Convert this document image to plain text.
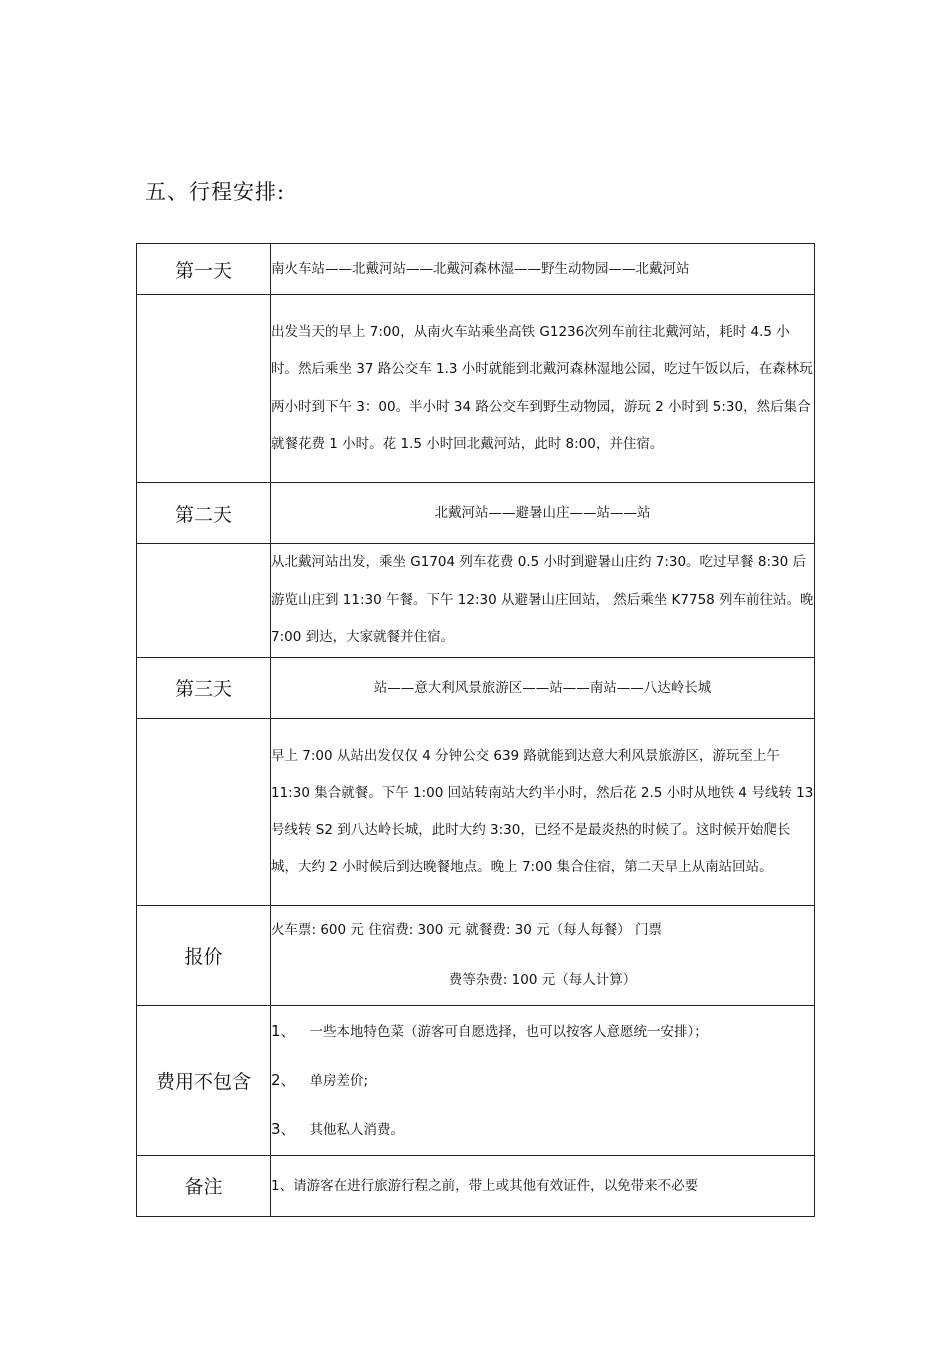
五、行程安排:
第一天	南火车站——北戴河站——北戴河森林湿——野生动物园——北戴河站

	出发当天的早上 7:00，从南火车站乘坐高铁 G1236次列车前往北戴河站，耗时 4.5 小时。然后乘坐 37 路公交车 1.3 小时就能到北戴河森林湿地公园，吃过午饭以后，在森林玩两小时到下午 3：00。半小时 34 路公交车到野生动物园，游玩 2 小时到 5:30，然后集合就餐花费 1 小时。花 1.5 小时回北戴河站，此时 8:00，并住宿。

第二天	北戴河站——避暑山庄——站——站

	从北戴河站出发，乘坐 G1704 列车花费 0.5 小时到避暑山庄约 7:30。吃过早餐 8:30 后游览山庄到 11:30 午餐。下午 12:30 从避暑山庄回站， 然后乘坐 K7758 列车前往站。晚 7:00 到达，大家就餐并住宿。

第三天	站——意大利风景旅游区——站——南站——八达岭长城

	早上 7:00 从站出发仅仅 4 分钟公交 639 路就能到达意大利风景旅游区，游玩至上午 11:30 集合就餐。下午 1:00 回站转南站大约半小时，然后花 2.5 小时从地铁 4 号线转 13 号线转 S2 到八达岭长城，此时大约 3:30，已经不是最炎热的时候了。这时候开始爬长城，大约 2 小时候后到达晚餐地点。晚上 7:00 集合住宿，第二天早上从南站回站。

报价	火车票: 600 元 住宿费: 300 元 就餐费: 30 元（每人每餐） 门票
费等杂费: 100 元（每人计算）

费用不包含	1、 一些本地特色菜（游客可自愿选择，也可以按客人意愿统一安排）；
2、 单房差价;
3、 其他私人消费。

备注	1、请游客在进行旅游行程之前，带上或其他有效证件，以免带来不必要
